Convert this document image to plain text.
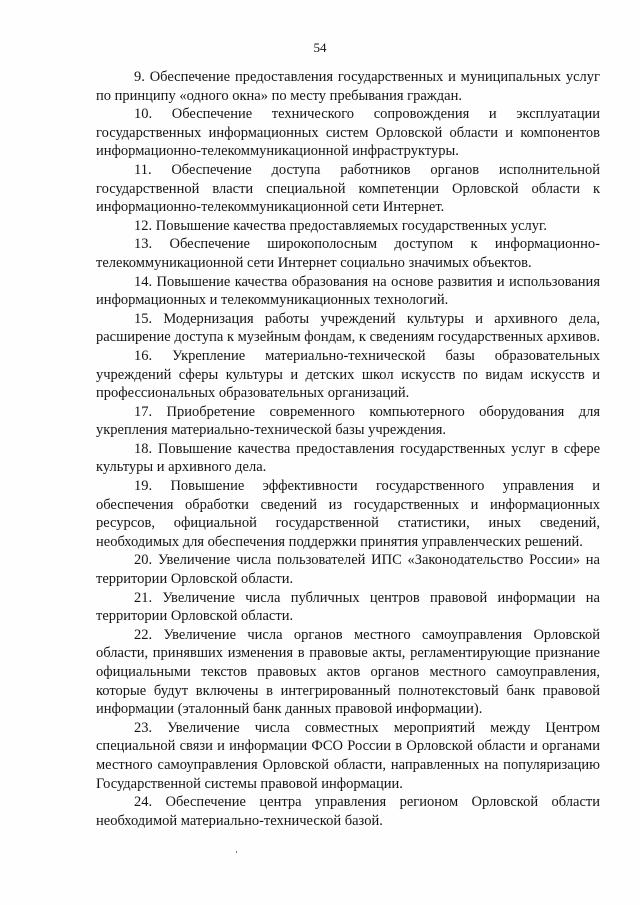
54

9. Обеспечение предоставления государственных и муниципальных услуг по принципу «одного окна» по месту пребывания граждан.

10. Обеспечение технического сопровождения и эксплуатации государственных информационных систем Орловской области и компонентов информационно-телекоммуникационной инфраструктуры.

11. Обеспечение доступа работников органов исполнительной государственной власти специальной компетенции Орловской области к информационно-телекоммуникационной сети Интернет.

12. Повышение качества предоставляемых государственных услуг.

13. Обеспечение широкополосным доступом к информационно-телекоммуникационной сети Интернет социально значимых объектов.

14. Повышение качества образования на основе развития и использования информационных и телекоммуникационных технологий.

15. Модернизация работы учреждений культуры и архивного дела, расширение доступа к музейным фондам, к сведениям государственных архивов.

16. Укрепление материально-технической базы образовательных учреждений сферы культуры и детских школ искусств по видам искусств и профессиональных образовательных организаций.

17. Приобретение современного компьютерного оборудования для укрепления материально-технической базы учреждения.

18. Повышение качества предоставления государственных услуг в сфере культуры и архивного дела.

19. Повышение эффективности государственного управления и обеспечения обработки сведений из государственных и информационных ресурсов, официальной государственной статистики, иных сведений, необходимых для обеспечения поддержки принятия управленческих решений.

20. Увеличение числа пользователей ИПС «Законодательство России» на территории Орловской области.

21. Увеличение числа публичных центров правовой информации на территории Орловской области.

22. Увеличение числа органов местного самоуправления Орловской области, принявших изменения в правовые акты, регламентирующие признание официальными текстов правовых актов органов местного самоуправления, которые будут включены в интегрированный полнотекстовый банк правовой информации (эталонный банк данных правовой информации).

23. Увеличение числа совместных мероприятий между Центром специальной связи и информации ФСО России в Орловской области и органами местного самоуправления Орловской области, направленных на популяризацию Государственной системы правовой информации.

24. Обеспечение центра управления регионом Орловской области необходимой материально-технической базой.
